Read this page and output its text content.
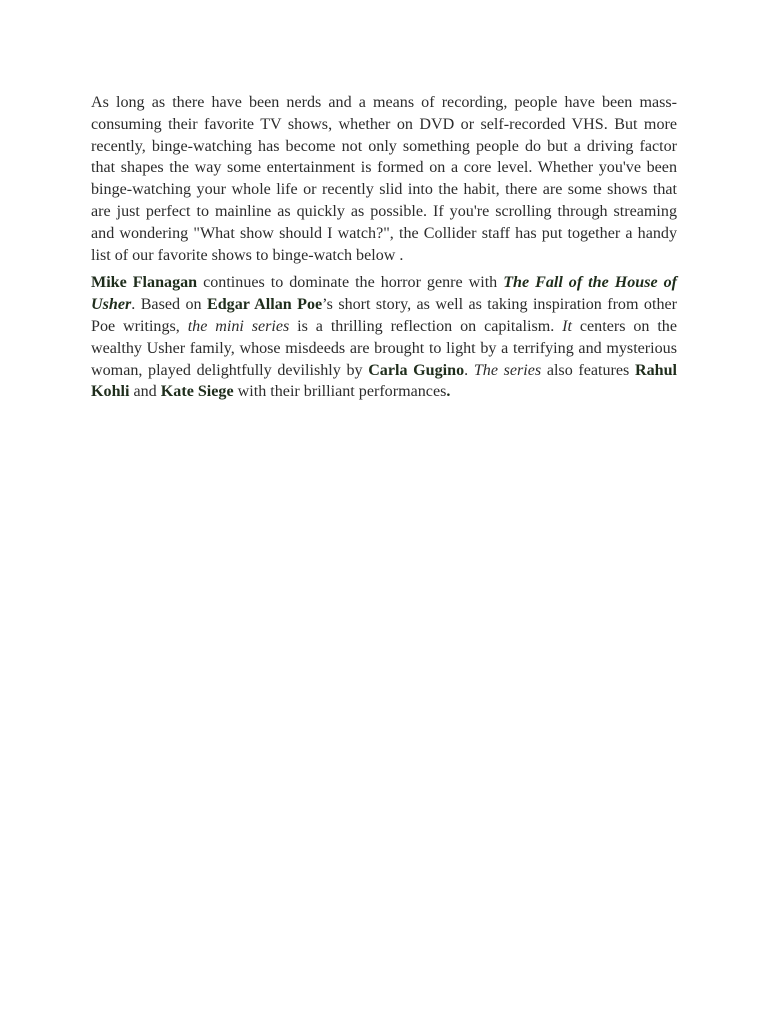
As long as there have been nerds and a means of recording, people have been mass-consuming their favorite TV shows, whether on DVD or self-recorded VHS. But more recently, binge-watching has become not only something people do but a driving factor that shapes the way some entertainment is formed on a core level. Whether you've been binge-watching your whole life or recently slid into the habit, there are some shows that are just perfect to mainline as quickly as possible. If you're scrolling through streaming and wondering "What show should I watch?", the Collider staff has put together a handy list of our favorite shows to binge-watch below .

Mike Flanagan continues to dominate the horror genre with The Fall of the House of Usher. Based on Edgar Allan Poe’s short story, as well as taking inspiration from other Poe writings, the mini series is a thrilling reflection on capitalism. It centers on the wealthy Usher family, whose misdeeds are brought to light by a terrifying and mysterious woman, played delightfully devilishly by Carla Gugino. The series also features Rahul Kohli and Kate Siege with their brilliant performances.
